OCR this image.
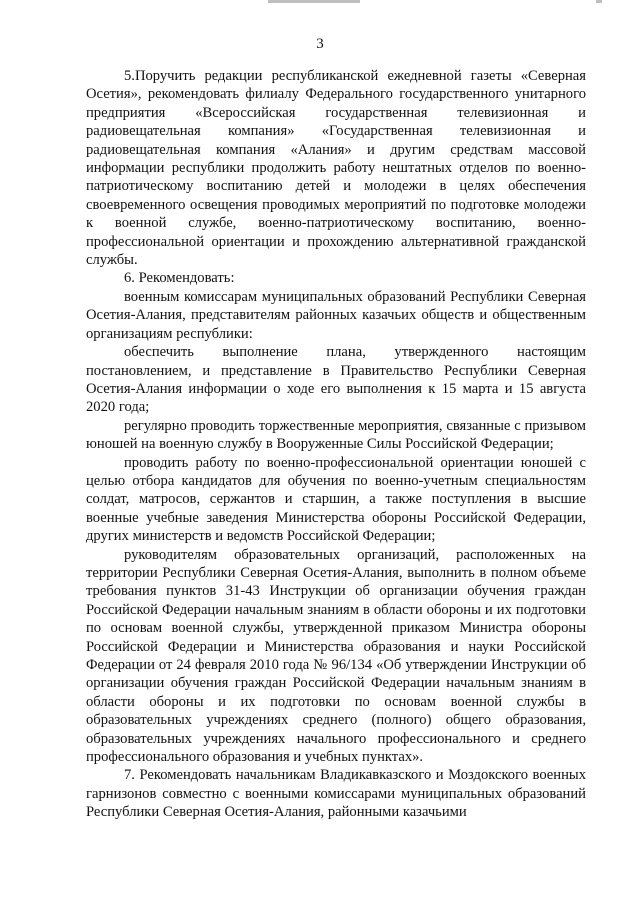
3

5.Поручить редакции республиканской ежедневной газеты «Северная Осетия», рекомендовать филиалу Федерального государственного унитарного предприятия «Всероссийская государственная телевизионная и радиовещательная компания» «Государственная телевизионная и радиовещательная компания «Алания» и другим средствам массовой информации республики продолжить работу нештатных отделов по военно-патриотическому воспитанию детей и молодежи в целях обеспечения своевременного освещения проводимых мероприятий по подготовке молодежи к военной службе, военно-патриотическому воспитанию, военно-профессиональной ориентации и прохождению альтернативной гражданской службы.

6. Рекомендовать:

военным комиссарам муниципальных образований Республики Северная Осетия-Алания, представителям районных казачьих обществ и общественным организациям республики:

обеспечить выполнение плана, утвержденного настоящим постановлением, и представление в Правительство Республики Северная Осетия-Алания информации о ходе его выполнения к 15 марта и 15 августа 2020 года;

регулярно проводить торжественные мероприятия, связанные с призывом юношей на военную службу в Вооруженные Силы Российской Федерации;

проводить работу по военно-профессиональной ориентации юношей с целью отбора кандидатов для обучения по военно-учетным специальностям солдат, матросов, сержантов и старшин, а также поступления в высшие военные учебные заведения Министерства обороны Российской Федерации, других министерств и ведомств Российской Федерации;

руководителям образовательных организаций, расположенных на территории Республики Северная Осетия-Алания, выполнить в полном объеме требования пунктов 31-43 Инструкции об организации обучения граждан Российской Федерации начальным знаниям в области обороны и их подготовки по основам военной службы, утвержденной приказом Министра обороны Российской Федерации и Министерства образования и науки Российской Федерации от 24 февраля 2010 года № 96/134 «Об утверждении Инструкции об организации обучения граждан Российской Федерации начальным знаниям в области обороны и их подготовки по основам военной службы в образовательных учреждениях среднего (полного) общего образования, образовательных учреждениях начального профессионального и среднего профессионального образования и учебных пунктах».

7. Рекомендовать начальникам Владикавказского и Моздокского военных гарнизонов совместно с военными комиссарами муниципальных образований Республики Северная Осетия-Алания, районными казачьими
